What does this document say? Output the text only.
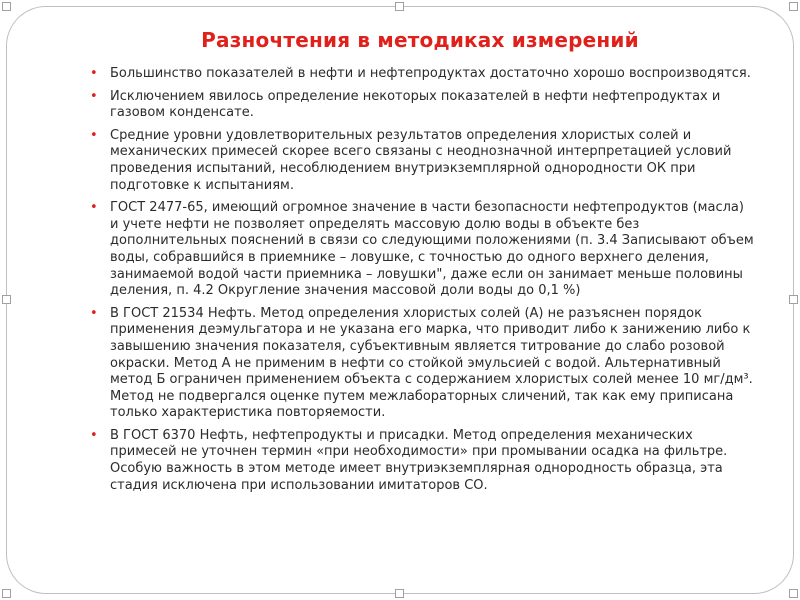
Разночтения в методиках измерений
• Большинство показателей в нефти и нефтепродуктах достаточно хорошо воспроизводятся.
• Исключением явилось определение некоторых показателей в нефти нефтепродуктах и газовом конденсате.
• Средние уровни удовлетворительных результатов определения хлористых солей и механических примесей скорее всего связаны с неоднозначной интерпретацией условий проведения испытаний, несоблюдением внутриэкземплярной однородности ОК при подготовке к испытаниям.
• ГОСТ 2477-65, имеющий огромное значение в части безопасности нефтепродуктов (масла) и учете нефти не позволяет определять массовую долю воды в объекте без дополнительных пояснений в связи со следующими положениями (п. 3.4 Записывают объем воды, собравшийся в приемнике – ловушке, с точностью до одного верхнего деления, занимаемой водой части приемника – ловушки", даже если он занимает меньше половины деления, п. 4.2 Округление значения массовой доли воды до 0,1 %)
• В ГОСТ 21534 Нефть. Метод определения хлористых солей (А) не разъяснен порядок применения деэмульгатора и не указана его марка, что приводит либо к занижению либо к завышению значения показателя, субъективным является титрование до слабо розовой окраски. Метод А не применим в нефти со стойкой эмульсией с водой. Альтернативный метод Б ограничен применением объекта с содержанием хлористых солей менее 10 мг/дм³. Метод не подвергался оценке путем межлабораторных сличений, так как ему приписана только характеристика повторяемости.
• В ГОСТ 6370 Нефть, нефтепродукты и присадки. Метод определения механических примесей не уточнен термин «при необходимости» при промывании осадка на фильтре. Особую важность в этом методе имеет внутриэкземплярная однородность образца, эта стадия исключена при использовании имитаторов СО.
